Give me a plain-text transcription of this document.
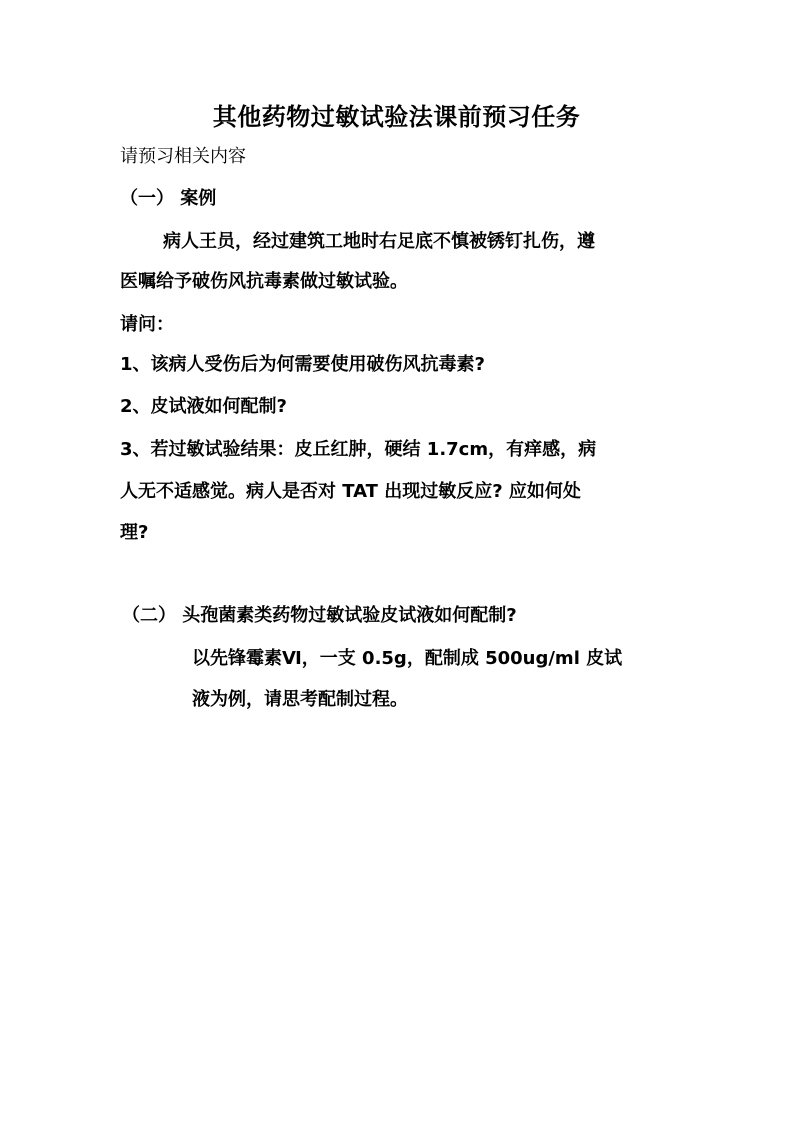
其他药物过敏试验法课前预习任务
请预习相关内容
（一） 案例
病人王员，经过建筑工地时右足底不慎被锈钉扎伤，遵
医嘱给予破伤风抗毒素做过敏试验。
请问：
1、该病人受伤后为何需要使用破伤风抗毒素?
2、皮试液如何配制?
3、若过敏试验结果：皮丘红肿，硬结 1.7cm，有痒感，病
人无不适感觉。病人是否对 TAT 出现过敏反应? 应如何处
理?
（二） 头孢菌素类药物过敏试验皮试液如何配制?
以先锋霉素Ⅵ，一支 0.5g，配制成 500ug/ml 皮试
液为例，请思考配制过程。
